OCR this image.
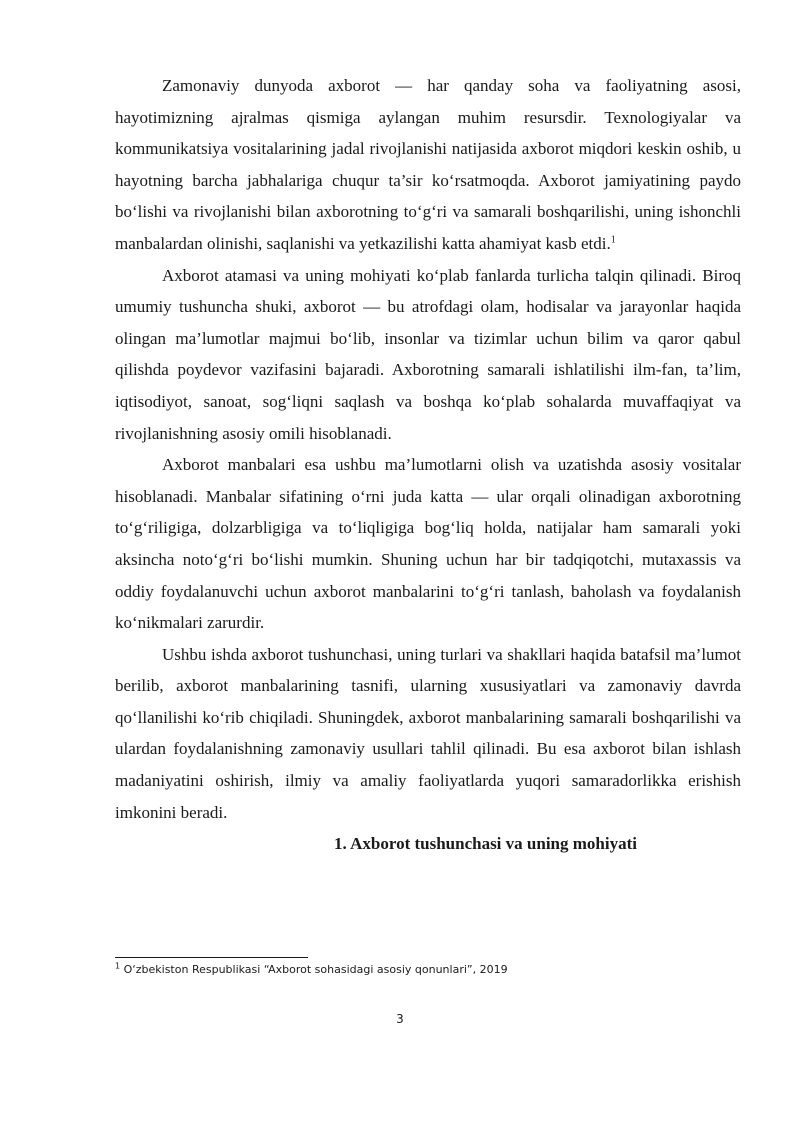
Zamonaviy dunyoda axborot — har qanday soha va faoliyatning asosi, hayotimizning ajralmas qismiga aylangan muhim resursdir. Texnologiyalar va kommunikatsiya vositalarining jadal rivojlanishi natijasida axborot miqdori keskin oshib, u hayotning barcha jabhalariga chuqur ta’sir ko‘rsatmoqda. Axborot jamiyatining paydo bo‘lishi va rivojlanishi bilan axborotning to‘g‘ri va samarali boshqarilishi, uning ishonchli manbalardan olinishi, saqlanishi va yetkazilishi katta ahamiyat kasb etdi.$^1$

Axborot atamasi va uning mohiyati ko‘plab fanlarda turlicha talqin qilinadi. Biroq umumiy tushuncha shuki, axborot — bu atrofdagi olam, hodisalar va jarayonlar haqida olingan ma’lumotlar majmui bo‘lib, insonlar va tizimlar uchun bilim va qaror qabul qilishda poydevor vazifasini bajaradi. Axborotning samarali ishlatilishi ilm-fan, ta’lim, iqtisodiyot, sanoat, sog‘liqni saqlash va boshqa ko‘plab sohalarda muvaffaqiyat va rivojlanishning asosiy omili hisoblanadi.

Axborot manbalari esa ushbu ma’lumotlarni olish va uzatishda asosiy vositalar hisoblanadi. Manbalar sifatining o‘rni juda katta — ular orqali olinadigan axborotning to‘g‘riligiga, dolzarbligiga va to‘liqligiga bog‘liq holda, natijalar ham samarali yoki aksincha noto‘g‘ri bo‘lishi mumkin. Shuning uchun har bir tadqiqotchi, mutaxassis va oddiy foydalanuvchi uchun axborot manbalarini to‘g‘ri tanlash, baholash va foydalanish ko‘nikmalari zarurdir.

Ushbu ishda axborot tushunchasi, uning turlari va shakllari haqida batafsil ma’lumot berilib, axborot manbalarining tasnifi, ularning xususiyatlari va zamonaviy davrda qo‘llanilishi ko‘rib chiqiladi. Shuningdek, axborot manbalarining samarali boshqarilishi va ulardan foydalanishning zamonaviy usullari tahlil qilinadi. Bu esa axborot bilan ishlash madaniyatini oshirish, ilmiy va amaliy faoliyatlarda yuqori samaradorlikka erishish imkonini beradi.

1. Axborot tushunchasi va uning mohiyati

$^1$ O‘zbekiston Respublikasi “Axborot sohasidagi asosiy qonunlari”, 2019
3
